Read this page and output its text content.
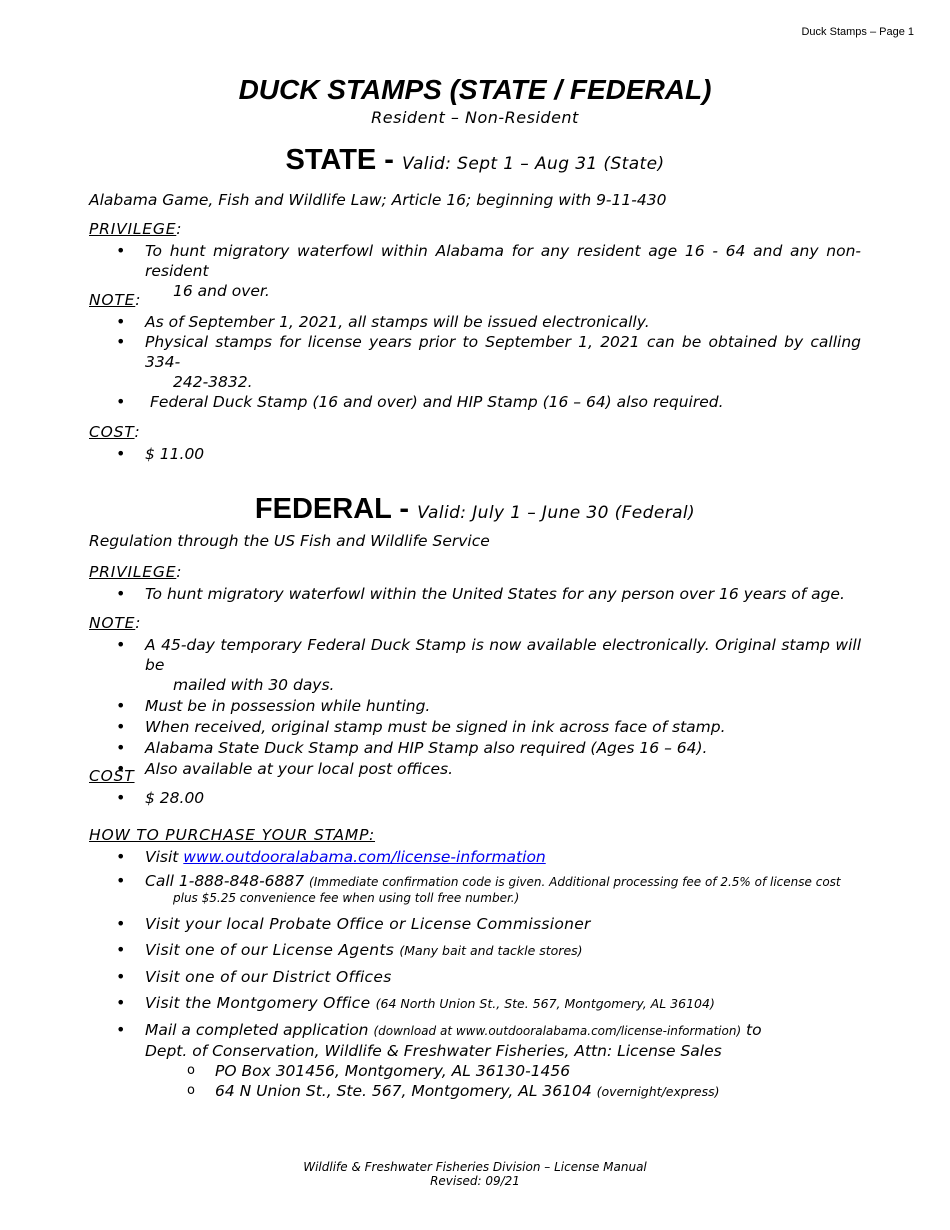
Duck Stamps – Page 1
DUCK STAMPS (STATE / FEDERAL)
Resident – Non-Resident
STATE - Valid: Sept 1 – Aug 31 (State)
Alabama Game, Fish and Wildlife Law; Article 16; beginning with 9-11-430
PRIVILEGE:
• To hunt migratory waterfowl within Alabama for any resident age 16 - 64 and any non-resident
16 and over.
NOTE:
• As of September 1, 2021, all stamps will be issued electronically.
• Physical stamps for license years prior to September 1, 2021 can be obtained by calling 334-
242-3832.
• Federal Duck Stamp (16 and over) and HIP Stamp (16 – 64) also required.
COST:
• $ 11.00
FEDERAL - Valid: July 1 – June 30 (Federal)
Regulation through the US Fish and Wildlife Service
PRIVILEGE:
• To hunt migratory waterfowl within the United States for any person over 16 years of age.
NOTE:
• A 45-day temporary Federal Duck Stamp is now available electronically. Original stamp will be
mailed with 30 days.
• Must be in possession while hunting.
• When received, original stamp must be signed in ink across face of stamp.
• Alabama State Duck Stamp and HIP Stamp also required (Ages 16 – 64).
• Also available at your local post offices.
COST
• $ 28.00
HOW TO PURCHASE YOUR STAMP:
• Visit www.outdooralabama.com/license-information
• Call 1-888-848-6887 (Immediate confirmation code is given. Additional processing fee of 2.5% of license cost
plus $5.25 convenience fee when using toll free number.)
• Visit your local Probate Office or License Commissioner
• Visit one of our License Agents (Many bait and tackle stores)
• Visit one of our District Offices
• Visit the Montgomery Office (64 North Union St., Ste. 567, Montgomery, AL 36104)
• Mail a completed application (download at www.outdooralabama.com/license-information) to
Dept. of Conservation, Wildlife & Freshwater Fisheries, Attn: License Sales
o PO Box 301456, Montgomery, AL 36130-1456
o 64 N Union St., Ste. 567, Montgomery, AL 36104 (overnight/express)
Wildlife & Freshwater Fisheries Division – License Manual
Revised: 09/21
